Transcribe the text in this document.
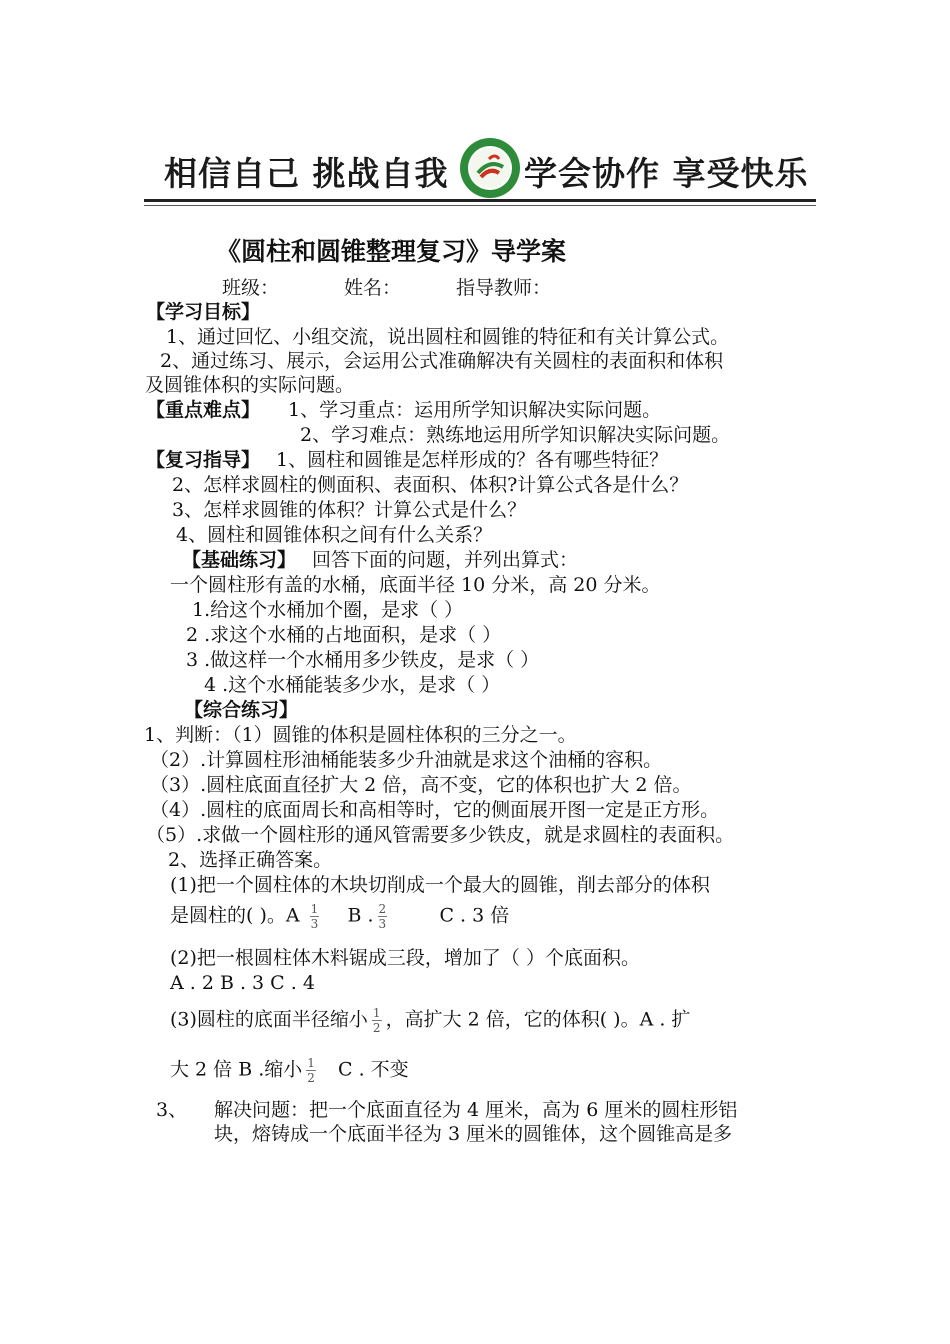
相信自己 挑战自我 学会协作 享受快乐
《圆柱和圆锥整理复习》导学案
班级：	姓名：	指导教师：
【学习目标】
1、通过回忆、小组交流，说出圆柱和圆锥的特征和有关计算公式。
2、通过练习、展示，会运用公式准确解决有关圆柱的表面积和体积
及圆锥体积的实际问题。
【重点难点】 1、学习重点：运用所学知识解决实际问题。
2、学习难点：熟练地运用所学知识解决实际问题。
【复习指导】 1、圆柱和圆锥是怎样形成的？各有哪些特征？
2、怎样求圆柱的侧面积、表面积、体积?计算公式各是什么？
3、怎样求圆锥的体积？计算公式是什么？
4、圆柱和圆锥体积之间有什么关系？
【基础练习】 回答下面的问题，并列出算式：
一个圆柱形有盖的水桶，底面半径 10 分米，高 20 分米。
1.给这个水桶加个圈，是求（ ）
2 .求这个水桶的占地面积，是求（ ）
3 .做这样一个水桶用多少铁皮，是求（ ）
4 .这个水桶能装多少水，是求（ ）
【综合练习】
1、判断：（1）圆锥的体积是圆柱体积的三分之一。
（2）.计算圆柱形油桶能装多少升油就是求这个油桶的容积。
（3）.圆柱底面直径扩大 2 倍，高不变，它的体积也扩大 2 倍。
（4）.圆柱的底面周长和高相等时，它的侧面展开图一定是正方形。
（5）.求做一个圆柱形的通风管需要多少铁皮，就是求圆柱的表面积。
2、选择正确答案。
(1)把一个圆柱体的木块切削成一个最大的圆锥，削去部分的体积
是圆柱的( )。A $\frac{1}{3}$ B . $\frac{2}{3}$	C . 3 倍
(2)把一根圆柱体木料锯成三段，增加了（ ）个底面积。
A . 2 B . 3 C . 4
(3)圆柱的底面半径缩小 $\frac{1}{2}$ ，高扩大 2 倍，它的体积( )。A . 扩
大 2 倍 B .缩小 $\frac{1}{2}$ C . 不变
3、 解决问题：把一个底面直径为 4 厘米，高为 6 厘米的圆柱形铝
块，熔铸成一个底面半径为 3 厘米的圆锥体，这个圆锥高是多
